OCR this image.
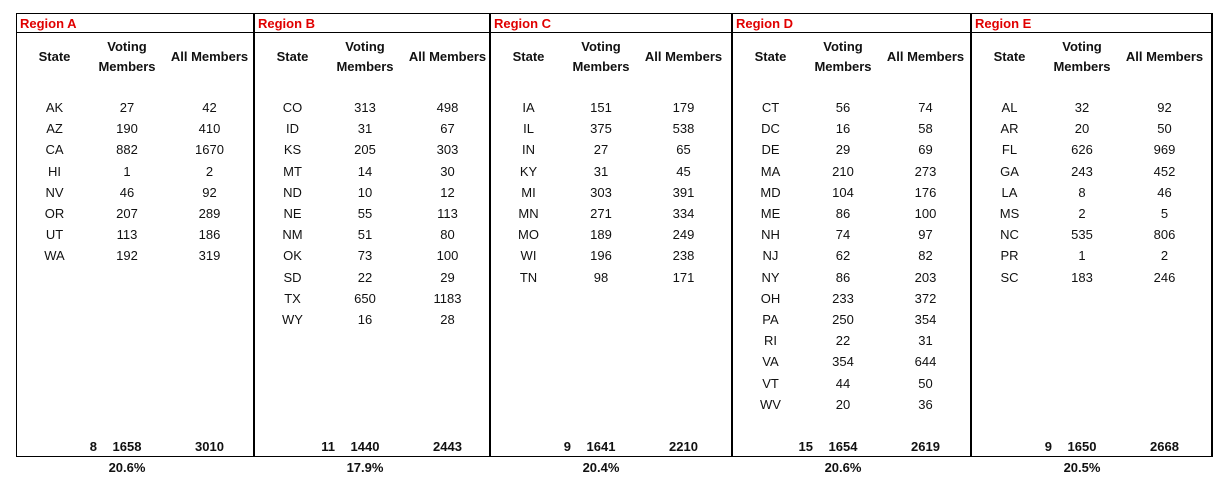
Region A
State
Voting
Members
All Members
AK	27	42
AZ	190	410
CA	882	1670
HI	1	2
NV	46	92
OR	207	289
UT	113	186
WA	192	319
8	1658	3010
20.6%
Region B
State
Voting
Members
All Members
CO	313	498
ID	31	67
KS	205	303
MT	14	30
ND	10	12
NE	55	113
NM	51	80
OK	73	100
SD	22	29
TX	650	1183
WY	16	28
11	1440	2443
17.9%
Region C
State
Voting
Members
All Members
IA	151	179
IL	375	538
IN	27	65
KY	31	45
MI	303	391
MN	271	334
MO	189	249
WI	196	238
TN	98	171
9	1641	2210
20.4%
Region D
State
Voting
Members
All Members
CT	56	74
DC	16	58
DE	29	69
MA	210	273
MD	104	176
ME	86	100
NH	74	97
NJ	62	82
NY	86	203
OH	233	372
PA	250	354
RI	22	31
VA	354	644
VT	44	50
WV	20	36
15	1654	2619
20.6%
Region E
State
Voting
Members
All Members
AL	32	92
AR	20	50
FL	626	969
GA	243	452
LA	8	46
MS	2	5
NC	535	806
PR	1	2
SC	183	246
9	1650	2668
20.5%
